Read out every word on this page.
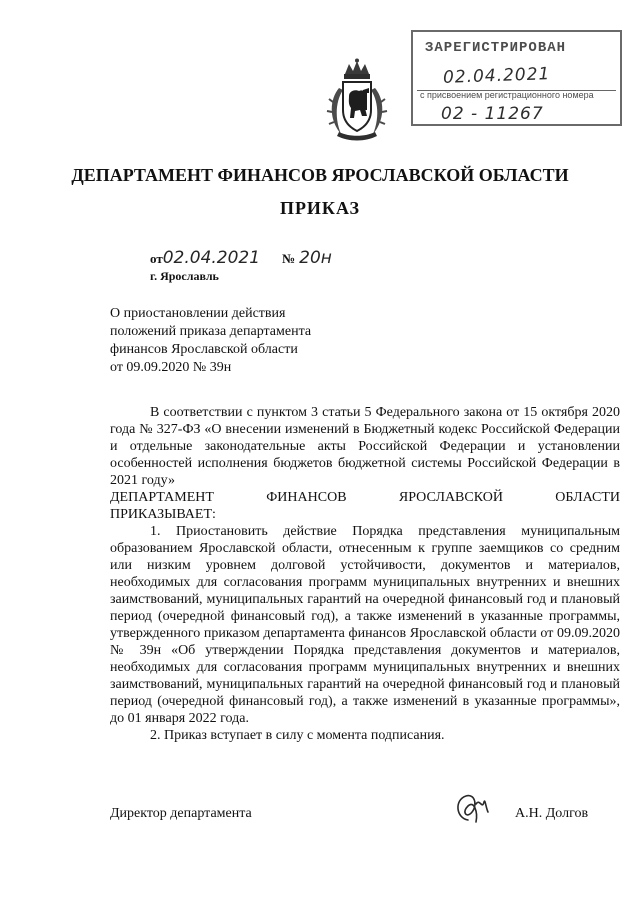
ЗАРЕГИСТРИРОВАН
02.04.2021
с присвоением регистрационного номера
02 - 11267
ДЕПАРТАМЕНТ ФИНАНСОВ ЯРОСЛАВСКОЙ ОБЛАСТИ
ПРИКАЗ
от02.04.2021 № 20н
г. Ярославль
О приостановлении действия
положений приказа департамента
финансов Ярославской области
от 09.09.2020 № 39н

В соответствии с пунктом 3 статьи 5 Федерального закона от 15 октября 2020 года № 327-ФЗ «О внесении изменений в Бюджетный кодекс Российской Федерации и отдельные законодательные акты Российской Федерации и установлении особенностей исполнения бюджетов бюджетной системы Российской Федерации в 2021 году»

ДЕПАРТАМЕНТ ФИНАНСОВ ЯРОСЛАВСКОЙ ОБЛАСТИ

ПРИКАЗЫВАЕТ:

1. Приостановить действие Порядка представления муниципальным образованием Ярославской области, отнесенным к группе заемщиков со средним или низким уровнем долговой устойчивости, документов и материалов, необходимых для согласования программ муниципальных внутренних и внешних заимствований, муниципальных гарантий на очередной финансовый год и плановый период (очередной финансовый год), а также изменений в указанные программы, утвержденного приказом департамента финансов Ярославской области от 09.09.2020 № 39н «Об утверждении Порядка представления документов и материалов, необходимых для согласования программ муниципальных внутренних и внешних заимствований, муниципальных гарантий на очередной финансовый год и плановый период (очередной финансовый год), а также изменений в указанные программы», до 01 января 2022 года.

2. Приказ вступает в силу с момента подписания.

Директор департамента	А.Н. Долгов
